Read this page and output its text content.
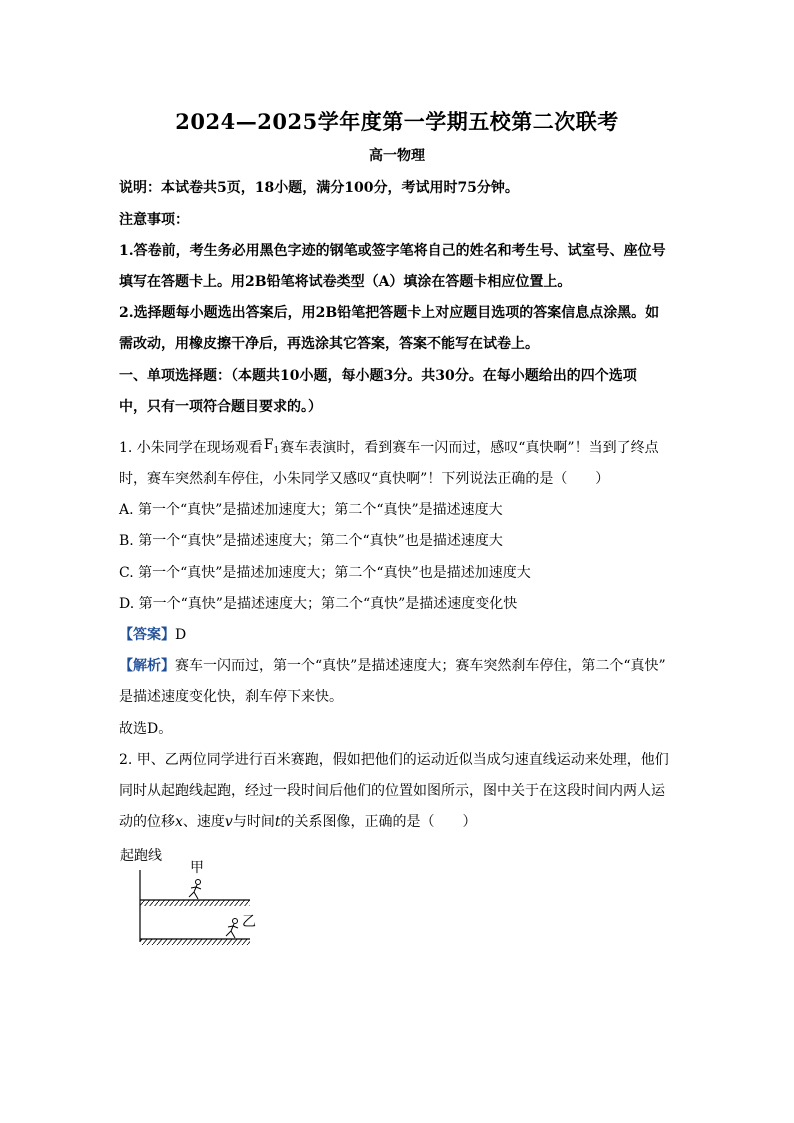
2024—2025学年度第一学期五校第二次联考
高一物理
说明：本试卷共5页，18小题，满分100分，考试用时75分钟。
注意事项：
1.答卷前，考生务必用黑色字迹的钢笔或签字笔将自己的姓名和考生号、试室号、座位号
填写在答题卡上。用2B铅笔将试卷类型（A）填涂在答题卡相应位置上。
2.选择题每小题选出答案后，用2B铅笔把答题卡上对应题目选项的答案信息点涂黑。如
需改动，用橡皮擦干净后，再选涂其它答案，答案不能写在试卷上。
一、单项选择题：（本题共10小题，每小题3分。共30分。在每小题给出的四个选项
中，只有一项符合题目要求的。）
1. 小朱同学在现场观看$F_1$赛车表演时，看到赛车一闪而过，感叹“真快啊”！当到了终点
时，赛车突然刹车停住，小朱同学又感叹“真快啊”！下列说法正确的是（　　）
A. 第一个“真快”是描述加速度大；第二个“真快”是描述速度大
B. 第一个“真快”是描述速度大；第二个“真快”也是描述速度大
C. 第一个“真快”是描述加速度大；第二个“真快”也是描述加速度大
D. 第一个“真快”是描述速度大；第二个“真快”是描述速度变化快
【答案】D
【解析】赛车一闪而过，第一个“真快”是描述速度大；赛车突然刹车停住，第二个“真快”
是描述速度变化快，刹车停下来快。
故选D。
2. 甲、乙两位同学进行百米赛跑，假如把他们的运动近似当成匀速直线运动来处理，他们
同时从起跑线起跑，经过一段时间后他们的位置如图所示，图中关于在这段时间内两人运
动的位移x、速度v与时间t的关系图像，正确的是（　　）
起跑线
甲
乙
